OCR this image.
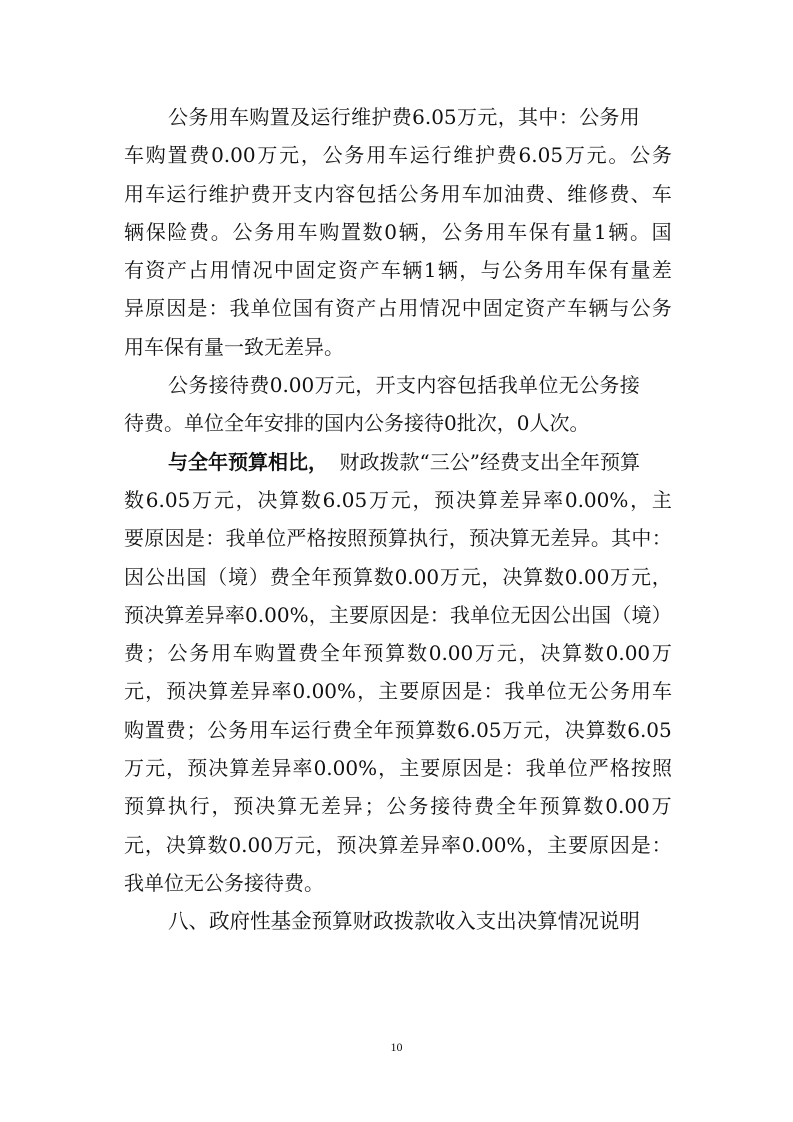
公 务 用 车 购 置 及 运 行 维 护 费 6.05 万 元 ， 其 中 ： 公 务 用
车 购 置 费 0.00 万 元 ， 公 务 用 车 运 行 维 护 费 6.05 万 元 。 公 务
用 车 运 行 维 护 费 开 支 内 容 包 括 公 务 用 车 加 油 费 、 维 修 费 、 车
辆 保 险 费 。 公 务 用 车 购 置 数 0 辆 ， 公 务 用 车 保 有 量 1 辆 。 国
有 资 产 占 用 情 况 中 固 定 资 产 车 辆 1 辆 ， 与 公 务 用 车 保 有 量 差
异 原 因 是 ： 我 单 位 国 有 资 产 占 用 情 况 中 固 定 资 产 车 辆 与 公 务
用车保有量一致无差异。
公 务 接 待 费 0.00 万 元 ， 开 支 内 容 包 括 我 单 位 无 公 务 接
待费。单位全年安排的国内公务接待0批次，0人次。
与全年预算相比， 财政拨款“三公”经费支出全年预算
数 6.05 万 元 ， 决 算 数 6.05 万 元 ， 预 决 算 差 异 率 0.00% ， 主
要 原 因 是 ： 我 单 位 严 格 按 照 预 算 执 行 ， 预 决 算 无 差 异 。 其 中 ：
因 公 出 国 （ 境 ） 费 全 年 预 算 数 0.00 万 元 ， 决 算 数 0.00 万 元 ，
预 决 算 差 异 率 0.00% ， 主 要 原 因 是 ： 我 单 位 无 因 公 出 国 （ 境 ）
费 ； 公 务 用 车 购 置 费 全 年 预 算 数 0.00 万 元 ， 决 算 数 0.00 万
元 ， 预 决 算 差 异 率 0.00% ， 主 要 原 因 是 ： 我 单 位 无 公 务 用 车
购 置 费 ； 公 务 用 车 运 行 费 全 年 预 算 数 6.05 万 元 ， 决 算 数 6.05
万 元 ， 预 决 算 差 异 率 0.00% ， 主 要 原 因 是 ： 我 单 位 严 格 按 照
预 算 执 行 ， 预 决 算 无 差 异 ； 公 务 接 待 费 全 年 预 算 数 0.00 万
元 ， 决 算 数 0.00 万 元 ， 预 决 算 差 异 率 0.00% ， 主 要 原 因 是 ：
我单位无公务接待费。
八 、 政 府 性 基 金 预 算 财 政 拨 款 收 入 支 出 决 算 情 况 说 明
10
